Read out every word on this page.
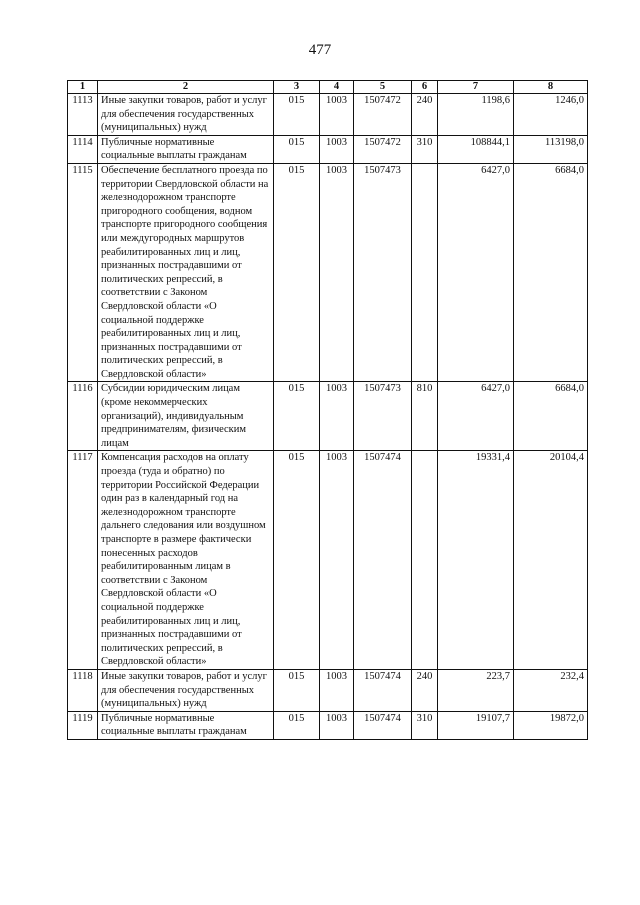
477
1	2	3	4	5	6	7	8
1113	Иные закупки товаров, работ и услуг для обеспечения государственных (муниципальных) нужд	015	1003	1507472	240	1198,6	1246,0
1114	Публичные нормативные социальные выплаты гражданам	015	1003	1507472	310	108844,1	113198,0
1115	Обеспечение бесплатного проезда по территории Свердловской области на железнодорожном транспорте пригородного сообщения, водном транспорте пригородного сообщения или междугородных маршрутов реабилитированных лиц и лиц, признанных пострадавшими от политических репрессий, в соответствии с Законом Свердловской области «О социальной поддержке реабилитированных лиц и лиц, признанных пострадавшими от политических репрессий, в Свердловской области»	015	1003	1507473		6427,0	6684,0
1116	Субсидии юридическим лицам (кроме некоммерческих организаций), индивидуальным предпринимателям, физическим лицам	015	1003	1507473	810	6427,0	6684,0
1117	Компенсация расходов на оплату проезда (туда и обратно) по территории Российской Федерации один раз в календарный год на железнодорожном транспорте дальнего следования или воздушном транспорте в размере фактически понесенных расходов реабилитированным лицам в соответствии с Законом Свердловской области «О социальной поддержке реабилитированных лиц и лиц, признанных пострадавшими от политических репрессий, в Свердловской области»	015	1003	1507474		19331,4	20104,4
1118	Иные закупки товаров, работ и услуг для обеспечения государственных (муниципальных) нужд	015	1003	1507474	240	223,7	232,4
1119	Публичные нормативные социальные выплаты гражданам	015	1003	1507474	310	19107,7	19872,0
